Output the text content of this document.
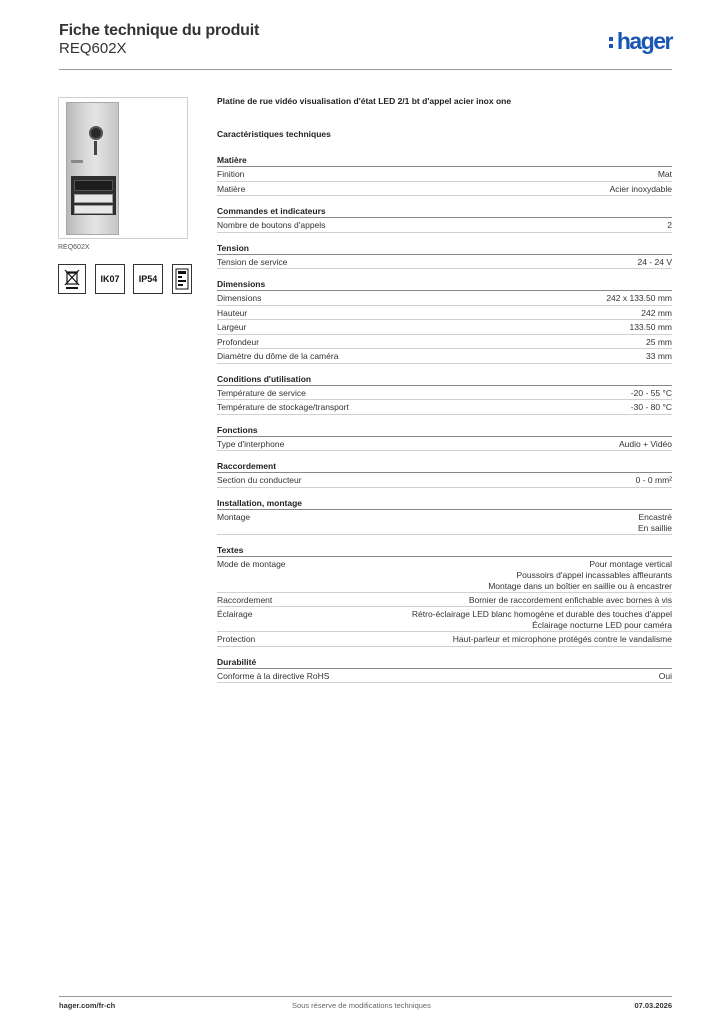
Fiche technique du produit
REQ602X	hager
REQ602X
IK07	IP54
Platine de rue vidéo visualisation d'état LED 2/1 bt d'appel acier inox one
Caractéristiques techniques
Matière
Finition	Mat
Matière	Acier inoxydable
Commandes et indicateurs
Nombre de boutons d'appels	2
Tension
Tension de service	24 - 24 V
Dimensions
Dimensions	242 x 133.50 mm
Hauteur	242 mm
Largeur	133.50 mm
Profondeur	25 mm
Diamètre du dôme de la caméra	33 mm
Conditions d'utilisation
Température de service	-20 - 55 °C
Température de stockage/transport	-30 - 80 °C
Fonctions
Type d'interphone	Audio + Vidéo
Raccordement
Section du conducteur	0 - 0 mm²
Installation, montage
Montage	Encastré
En saillie
Textes
Mode de montage	Pour montage vertical
Poussoirs d'appel incassables affleurants
Montage dans un boîtier en saillie ou à encastrer
Raccordement	Bornier de raccordement enfichable avec bornes à vis
Éclairage	Rétro-éclairage LED blanc homogène et durable des touches d'appel
Éclairage nocturne LED pour caméra
Protection	Haut-parleur et microphone protégés contre le vandalisme
Durabilité
Conforme à la directive RoHS	Oui
hager.com/fr-ch	Sous réserve de modifications techniques	07.03.2026
